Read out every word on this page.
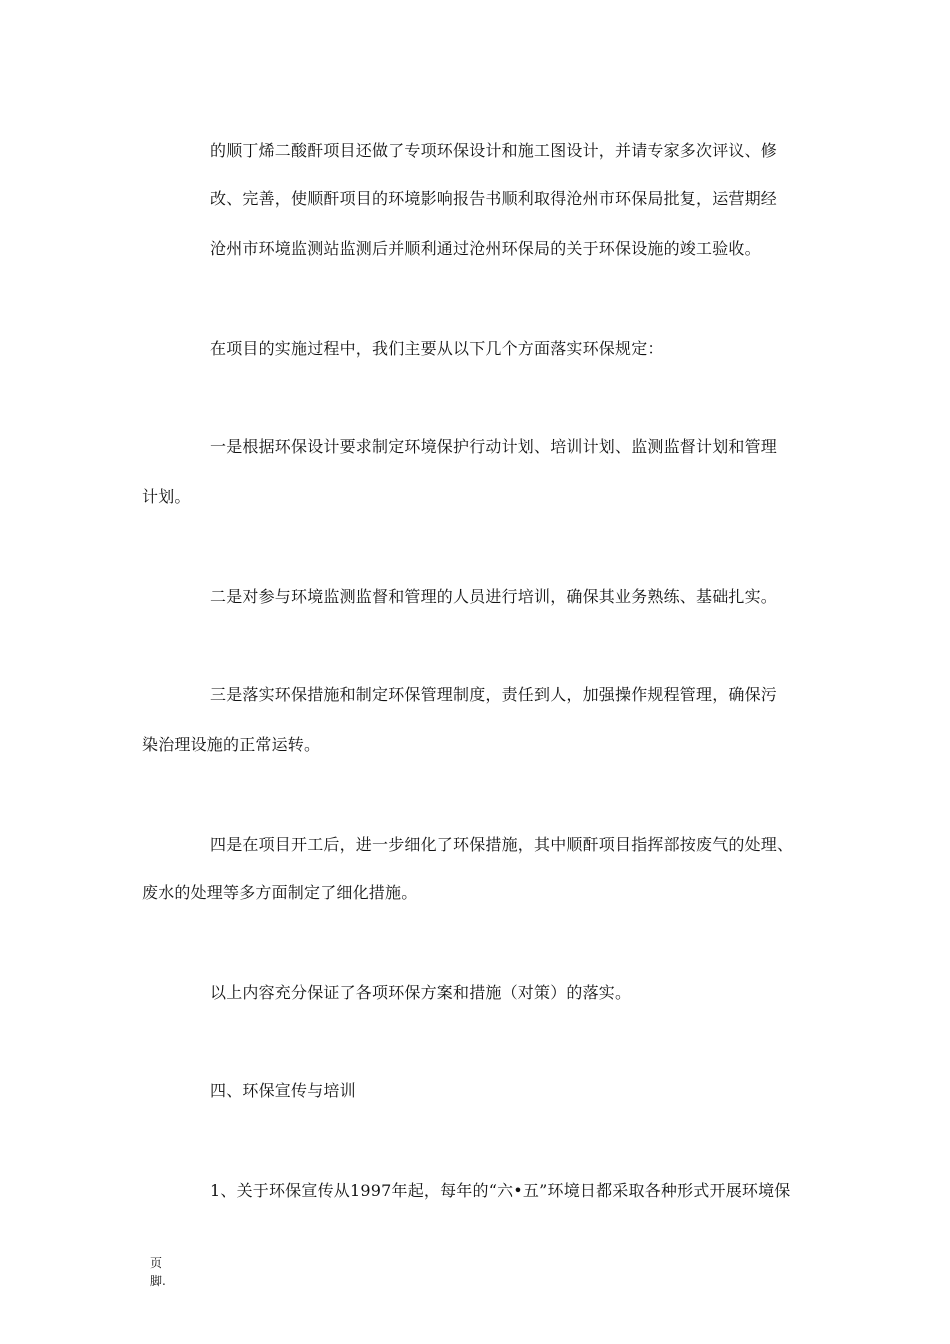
的顺丁烯二酸酐项目还做了专项环保设计和施工图设计，并请专家多次评议、修
改、完善，使顺酐项目的环境影响报告书顺利取得沧州市环保局批复，运营期经
沧州市环境监测站监测后并顺利通过沧州环保局的关于环保设施的竣工验收。
在项目的实施过程中，我们主要从以下几个方面落实环保规定：
一是根据环保设计要求制定环境保护行动计划、培训计划、监测监督计划和管理
计划。
二是对参与环境监测监督和管理的人员进行培训，确保其业务熟练、基础扎实。
三是落实环保措施和制定环保管理制度，责任到人，加强操作规程管理，确保污
染治理设施的正常运转。
四是在项目开工后，进一步细化了环保措施，其中顺酐项目指挥部按废气的处理、
废水的处理等多方面制定了细化措施。
以上内容充分保证了各项环保方案和措施（对策）的落实。
四、环保宣传与培训
1、关于环保宣传从1997年起，每年的“六•五”环境日都采取各种形式开展环境保
页
脚.
